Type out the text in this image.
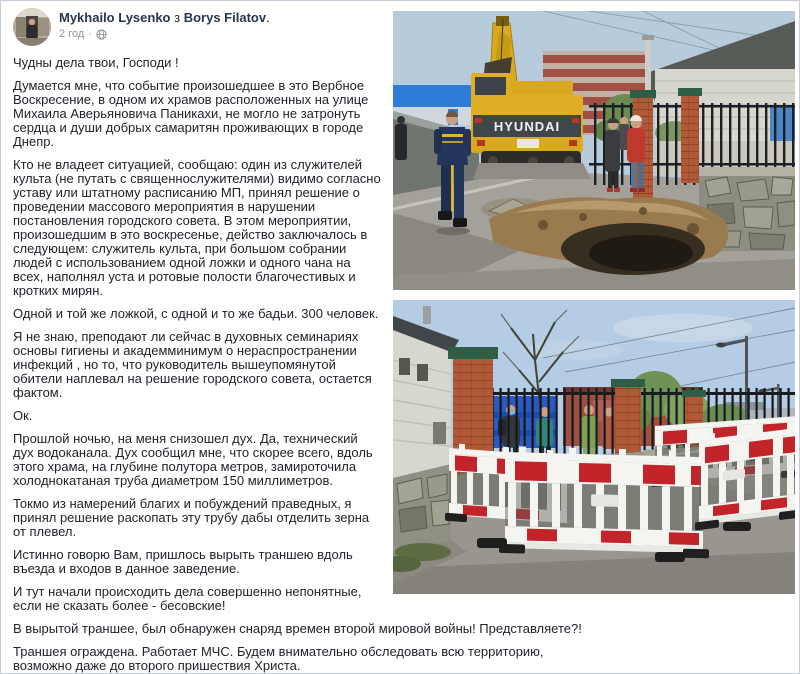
HYUNDAI
Mykhailo Lysenko з Borys Filatov.
2 год ·

Чудны дела твои, Господи !

Думается мне, что событие произошедшее в это Вербное Воскресение, в одном их храмов расположенных на улице Михаила Аверьяновича Паникахи, не могло не затронуть сердца и души добрых самаритян проживающих в городе Днепр.

Кто не владеет ситуацией, сообщаю: один из служителей культа (не путать с священнослужителями) видимо согласно уставу или штатному расписанию МП, принял решение о проведении массового мероприятия в нарушении постановления городского совета. В этом мероприятии, произошедшим в это воскресенье, действо заключалось в следующем: служитель культа, при большом собрании людей с использованием одной ложки и одного чана на всех, наполнял уста и ротовые полости благочестивых и кротких мирян.

Одной и той же ложкой, с одной и то же бадьи. 300 человек.

Я не знаю, преподают ли сейчас в духовных семинариях основы гигиены и академминимум о нераспространении инфекций , но то, что руководитель вышеупомянутой обители наплевал на решение городского совета, остается фактом.

Ок.

Прошлой ночью, на меня снизошел дух. Да, технический дух водоканала. Дух сообщил мне, что скорее всего, вдоль этого храма, на глубине полутора метров, замироточила холоднокатаная труба диаметром 150 миллиметров.

Токмо из намерений благих и побуждений праведных, я принял решение раскопать эту трубу дабы отделить зерна от плевел.

Истинно говорю Вам, пришлось вырыть траншею вдоль въезда и входов в данное заведение.

И тут начали происходить дела совершенно непонятные, если не сказать более - бесовские!

В вырытой траншее, был обнаружен снаряд времен второй мировой войны! Представляете?!

Траншея ограждена. Работает МЧС. Будем внимательно обследовать всю территорию, возможно даже до второго пришествия Христа.
